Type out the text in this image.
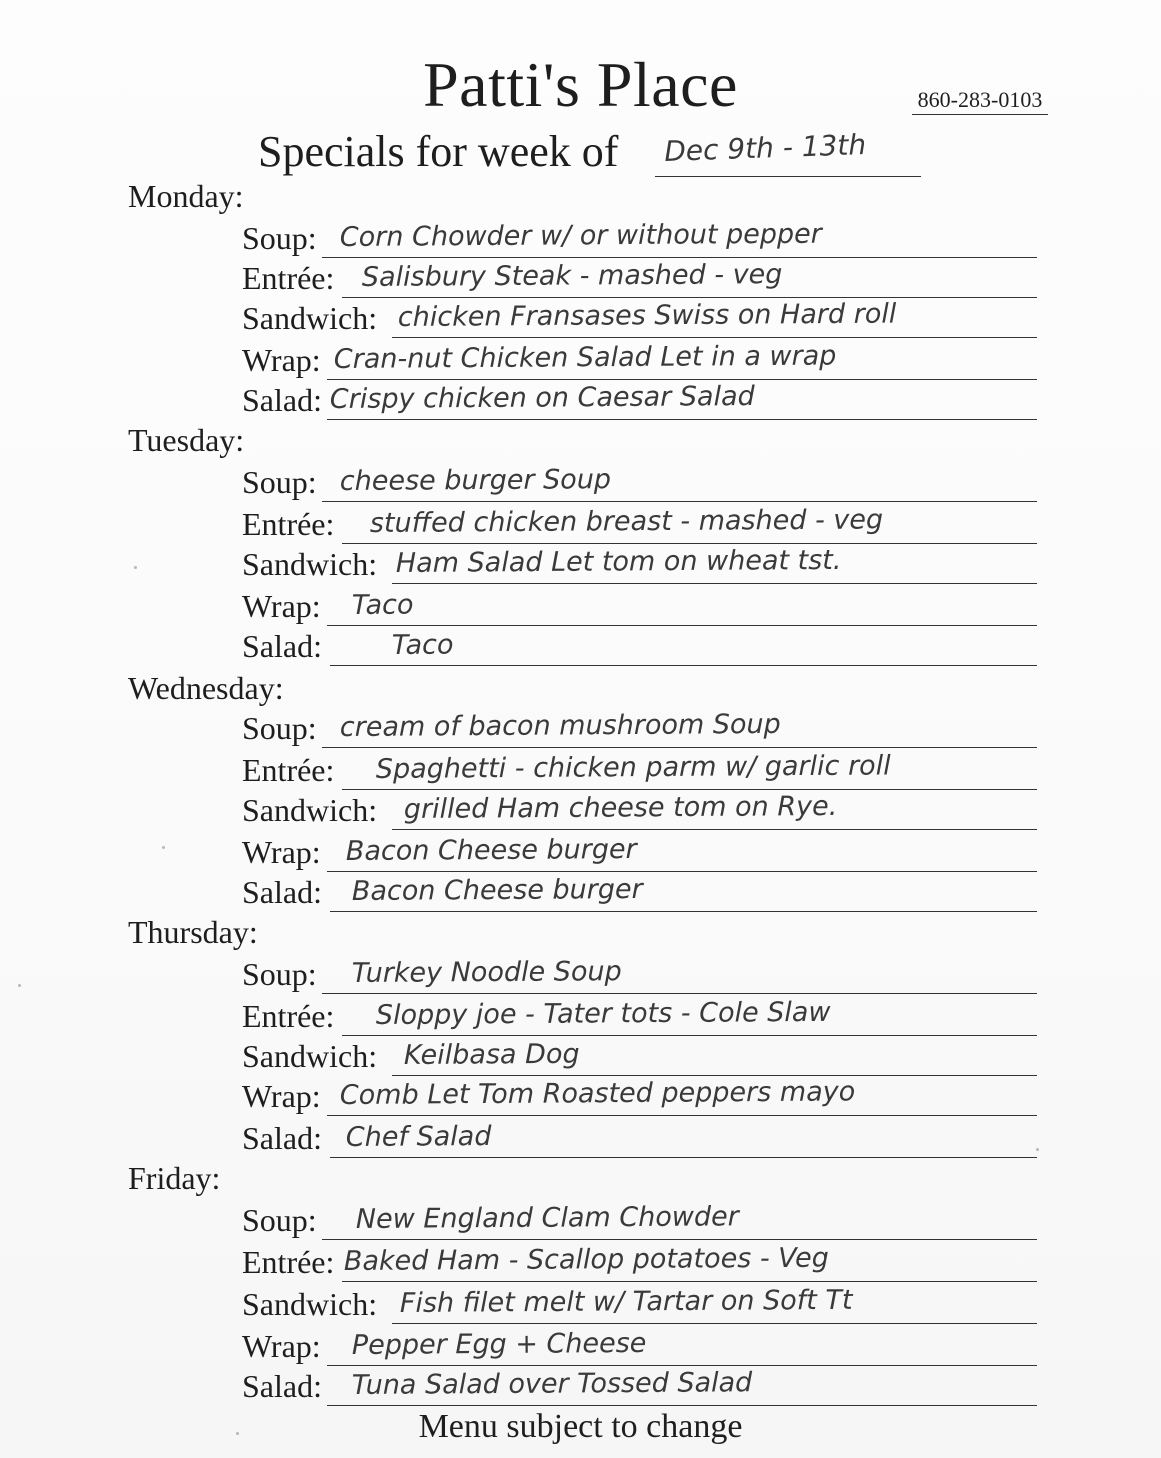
Patti's Place	860-283-0103
Specials for week of Dec 9th - 13th
Monday:
Soup: Corn Chowder w/ or without pepper
Entrée: Salisbury Steak - mashed - veg
Sandwich: chicken Fransases Swiss on Hard roll
Wrap: Cran-nut Chicken Salad Let in a wrap
Salad: Crispy chicken on Caesar Salad
Tuesday:
Soup: cheese burger Soup
Entrée: stuffed chicken breast - mashed - veg
Sandwich: Ham Salad Let tom on wheat tst.
Wrap: Taco
Salad:	Taco
Wednesday:
Soup: cream of bacon mushroom Soup
Entrée: Spaghetti - chicken parm w/ garlic roll
Sandwich: grilled Ham cheese tom on Rye.
Wrap: Bacon Cheese burger
Salad: Bacon Cheese burger
Thursday:
Soup: Turkey Noodle Soup
Entrée: Sloppy joe - Tater tots - Cole Slaw
Sandwich: Keilbasa Dog
Wrap: Comb Let Tom Roasted peppers mayo
Salad: Chef Salad
Friday:
Soup: New England Clam Chowder
Entrée: Baked Ham - Scallop potatoes - Veg
Sandwich: Fish filet melt w/ Tartar on Soft Tt
Wrap: Pepper Egg + Cheese
Salad: Tuna Salad over Tossed Salad
Menu subject to change
